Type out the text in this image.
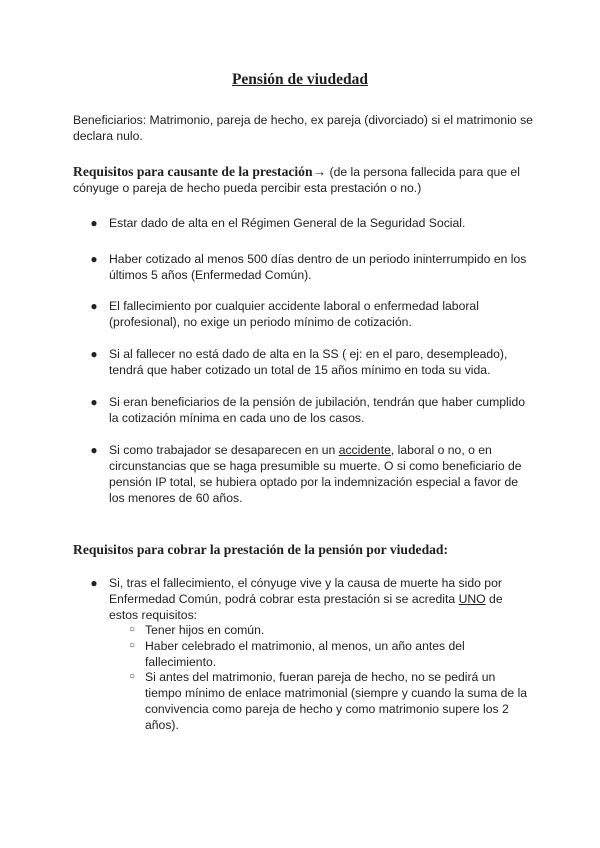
Pensión de viudedad
Beneficiarios: Matrimonio, pareja de hecho, ex pareja (divorciado) si el matrimonio se declara nulo.
Requisitos para causante de la prestación→ (de la persona fallecida para que el cónyuge o pareja de hecho pueda percibir esta prestación o no.)
● Estar dado de alta en el Régimen General de la Seguridad Social.
● Haber cotizado al menos 500 días dentro de un periodo ininterrumpido en los últimos 5 años (Enfermedad Común).
● El fallecimiento por cualquier accidente laboral o enfermedad laboral (profesional), no exige un periodo mínimo de cotización.
● Si al fallecer no está dado de alta en la SS ( ej: en el paro, desempleado), tendrá que haber cotizado un total de 15 años mínimo en toda su vida.
● Si eran beneficiarios de la pensión de jubilación, tendrán que haber cumplido la cotización mínima en cada uno de los casos.
● Si como trabajador se desaparecen en un accidente, laboral o no, o en circunstancias que se haga presumible su muerte. O si como beneficiario de pensión IP total, se hubiera optado por la indemnización especial a favor de los menores de 60 años.
Requisitos para cobrar la prestación de la pensión por viudedad:
● Si, tras el fallecimiento, el cónyuge vive y la causa de muerte ha sido por Enfermedad Común, podrá cobrar esta prestación si se acredita UNO de estos requisitos:
○ Tener hijos en común.
○ Haber celebrado el matrimonio, al menos, un año antes del fallecimiento.
○ Si antes del matrimonio, fueran pareja de hecho, no se pedirá un tiempo mínimo de enlace matrimonial (siempre y cuando la suma de la convivencia como pareja de hecho y como matrimonio supere los 2 años).
